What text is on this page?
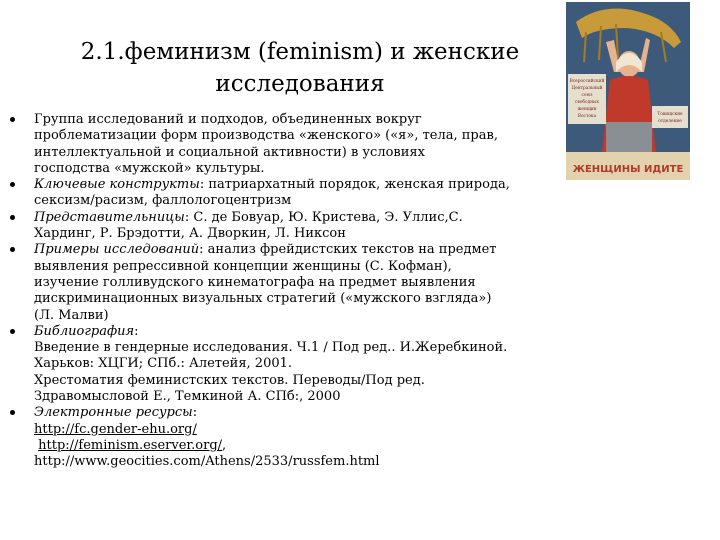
2.1.феминизм (feminism) и женские
исследования
Группа исследований и подходов, объединенных вокруг
проблематизации форм производства «женского» («я», тела, прав,
интеллектуальной и социальной активности) в условиях
господства «мужской» культуры.
Ключевые конструкты: патриархатный порядок, женская природа,
сексизм/расизм, фаллологоцентризм
Представительницы: С. де Бовуар, Ю. Кристева, Э. Уллис,С.
Хардинг, Р. Брэдотти, А. Дворкин, Л. Никсон
Примеры исследований: анализ фрейдистских текстов на предмет
выявления репрессивной концепции женщины (С. Кофман),
изучение голливудского кинематографа на предмет выявления
дискриминационных визуальных стратегий («мужского взгляда»)
(Л. Малви)
Библиография:
Введение в гендерные исследования. Ч.1 / Под ред.. И.Жеребкиной.
Харьков: ХЦГИ; СПб.: Алетейя, 2001.
Хрестоматия феминистских текстов. Переводы/Под ред.
Здравомысловой Е., Темкиной А. СПб:, 2000
Электронные ресурсы:
http://fc.gender-ehu.org/
http://feminism.eserver.org/,
http://www.geocities.com/Athens/2533/russfem.html
Всероссийский
Центральный
союз
свободных
женщин
Востока	Товищские
отделение
ЖЕНЩИНЫ ИДИТЕ
